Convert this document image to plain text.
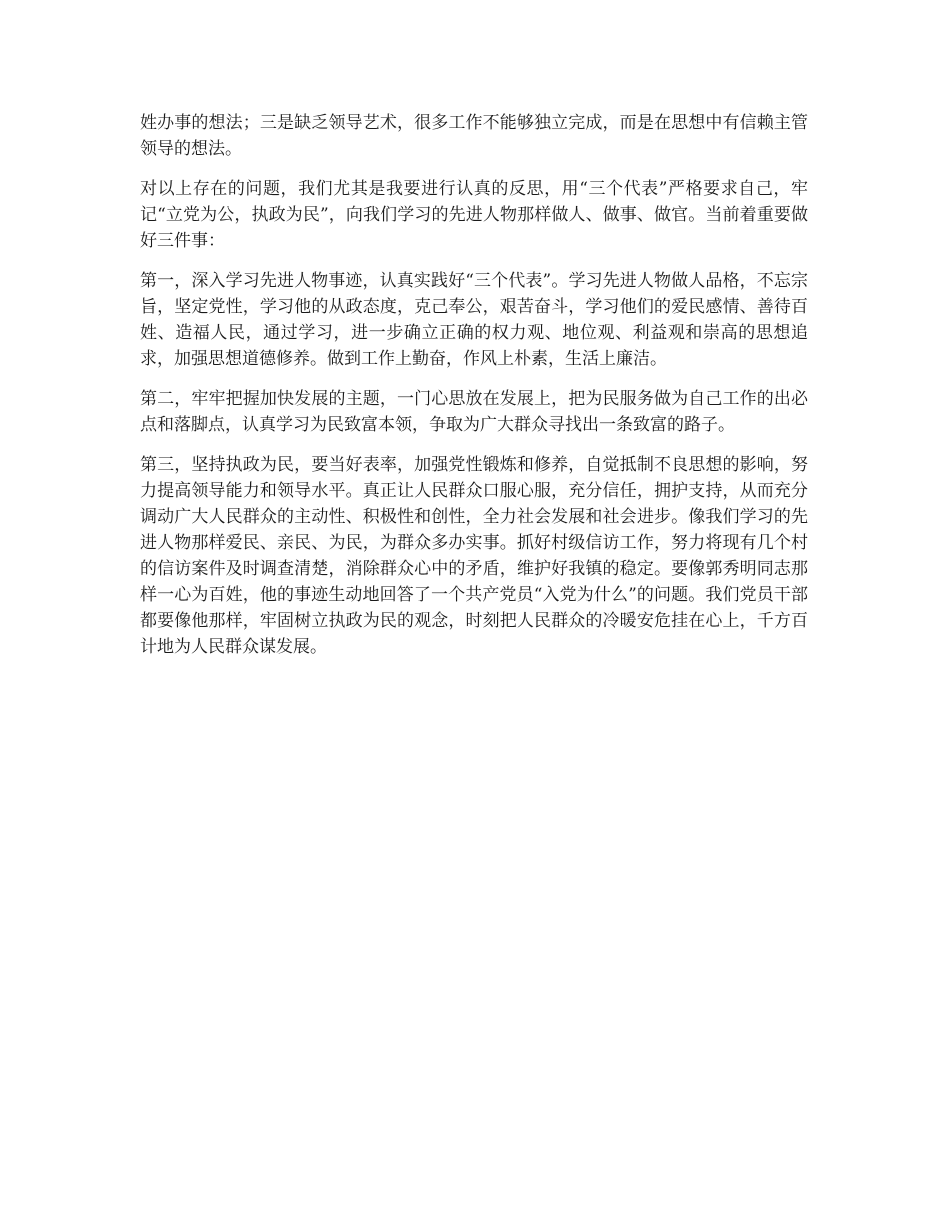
姓办事的想法；三是缺乏领导艺术，很多工作不能够独立完成，而是在思想中有信赖主管领导的想法。

对以上存在的问题，我们尤其是我要进行认真的反思，用“三个代表”严格要求自己，牢记“立党为公，执政为民”，向我们学习的先进人物那样做人、做事、做官。当前着重要做好三件事：

第一，深入学习先进人物事迹，认真实践好“三个代表”。学习先进人物做人品格，不忘宗旨，坚定党性，学习他的从政态度，克己奉公，艰苦奋斗，学习他们的爱民感情、善待百姓、造福人民，通过学习，进一步确立正确的权力观、地位观、利益观和崇高的思想追求，加强思想道德修养。做到工作上勤奋，作风上朴素，生活上廉洁。

第二，牢牢把握加快发展的主题，一门心思放在发展上，把为民服务做为自己工作的出必点和落脚点，认真学习为民致富本领，争取为广大群众寻找出一条致富的路子。

第三，坚持执政为民，要当好表率，加强党性锻炼和修养，自觉抵制不良思想的影响，努力提高领导能力和领导水平。真正让人民群众口服心服，充分信任，拥护支持，从而充分调动广大人民群众的主动性、积极性和创性，全力社会发展和社会进步。像我们学习的先进人物那样爱民、亲民、为民，为群众多办实事。抓好村级信访工作，努力将现有几个村的信访案件及时调查清楚，消除群众心中的矛盾，维护好我镇的稳定。要像郭秀明同志那样一心为百姓，他的事迹生动地回答了一个共产党员“入党为什么”的问题。我们党员干部都要像他那样，牢固树立执政为民的观念，时刻把人民群众的冷暖安危挂在心上，千方百计地为人民群众谋发展。
